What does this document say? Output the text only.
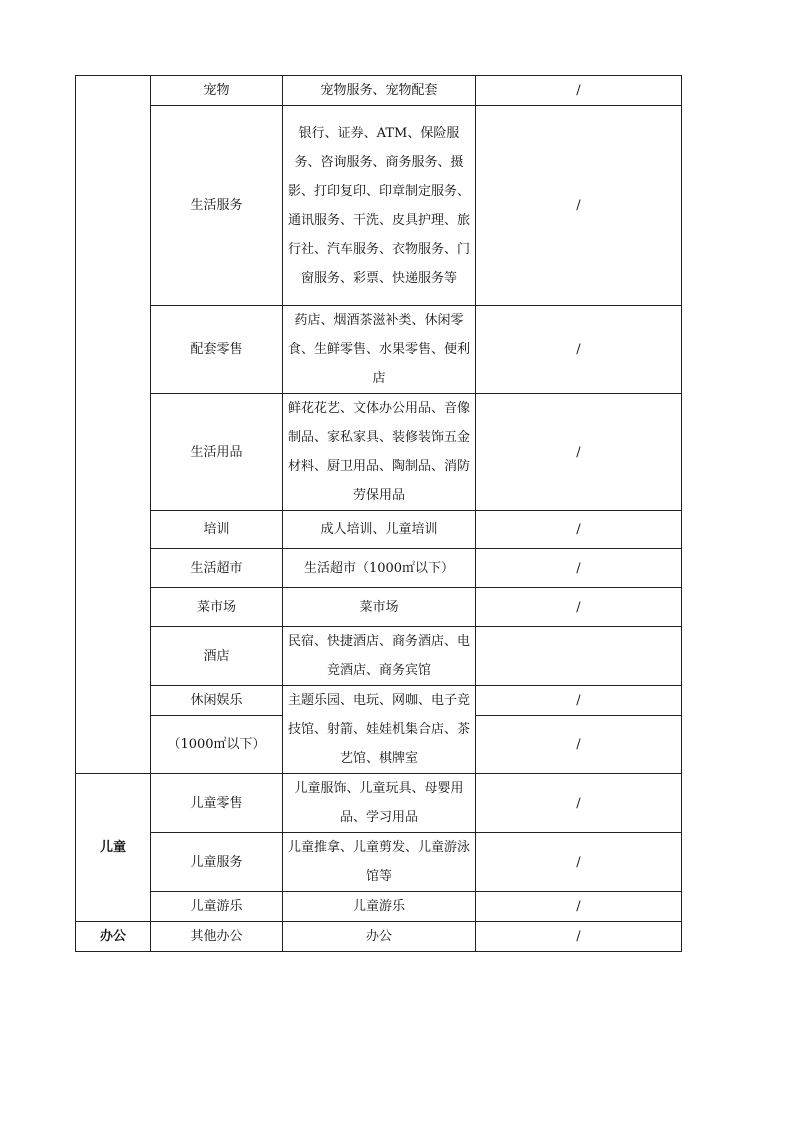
	宠物	宠物服务、宠物配套	/
	生活服务	银行、证券、ATM、保险服务、咨询服务、商务服务、摄影、打印复印、印章制定服务、通讯服务、干洗、皮具护理、旅行社、汽车服务、衣物服务、门窗服务、彩票、快递服务等	/
	配套零售	药店、烟酒茶滋补类、休闲零食、生鲜零售、水果零售、便利店	/
	生活用品	鲜花花艺、文体办公用品、音像制品、家私家具、装修装饰五金材料、厨卫用品、陶制品、消防劳保用品	/
	培训	成人培训、儿童培训	/
	生活超市	生活超市（1000㎡以下）	/
	菜市场	菜市场	/
	酒店	民宿、快捷酒店、商务酒店、电竞酒店、商务宾馆	
	休闲娱乐	主题乐园、电玩、网咖、电子竞技馆、射箭、娃娃机集合店、茶艺馆、棋牌室	/
	（1000㎡以下）		/
儿童	儿童零售	儿童服饰、儿童玩具、母婴用品、学习用品	/
	儿童服务	儿童推拿、儿童剪发、儿童游泳馆等	/
	儿童游乐	儿童游乐	/
办公	其他办公	办公	/
